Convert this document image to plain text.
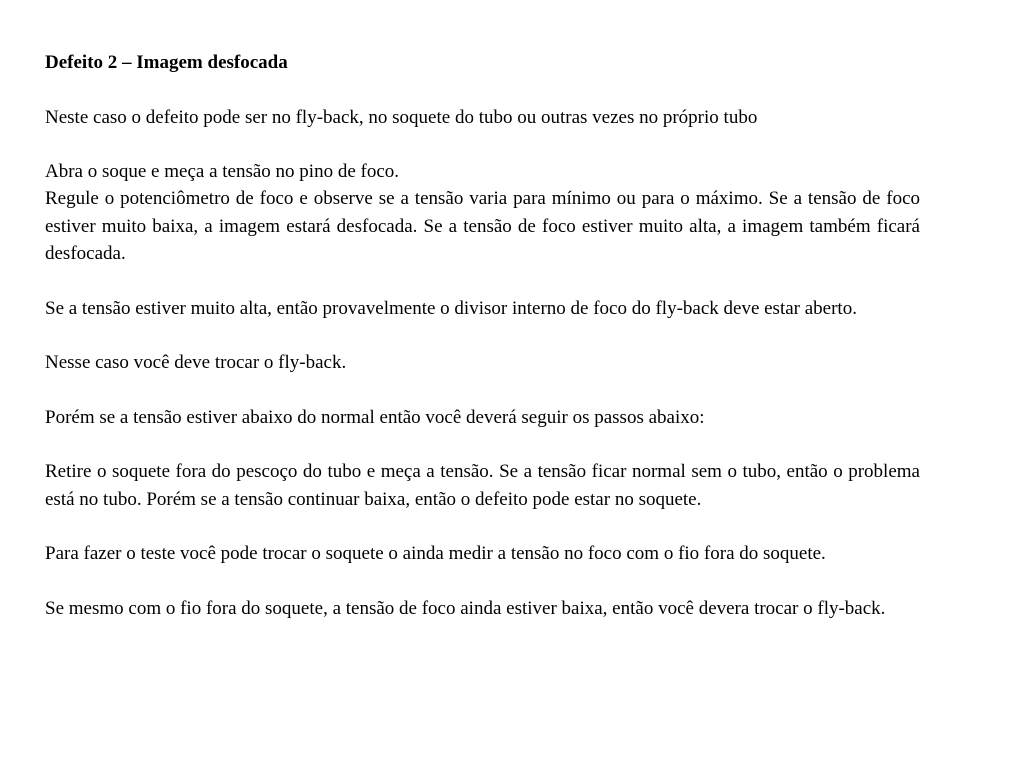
Defeito 2 – Imagem desfocada

Neste caso o defeito pode ser no fly-back, no soquete do tubo ou outras vezes no próprio tubo

Abra o soque e meça a tensão no pino de foco.

Regule o potenciômetro de foco e observe se a tensão varia para mínimo ou para o máximo. Se a tensão de foco estiver muito baixa, a imagem estará desfocada. Se a tensão de foco estiver muito alta, a imagem também ficará desfocada.

Se a tensão estiver muito alta, então provavelmente o divisor interno de foco do fly-back deve estar aberto.

Nesse caso você deve trocar o fly-back.

Porém se a tensão estiver abaixo do normal então você deverá seguir os passos abaixo:

Retire o soquete fora do pescoço do tubo e meça a tensão. Se a tensão ficar normal sem o tubo, então o problema está no tubo. Porém se a tensão continuar baixa, então o defeito pode estar no soquete.

Para fazer o teste você pode trocar o soquete o ainda medir a tensão no foco com o fio fora do soquete.

Se mesmo com o fio fora do soquete, a tensão de foco ainda estiver baixa, então você devera trocar o fly-back.
